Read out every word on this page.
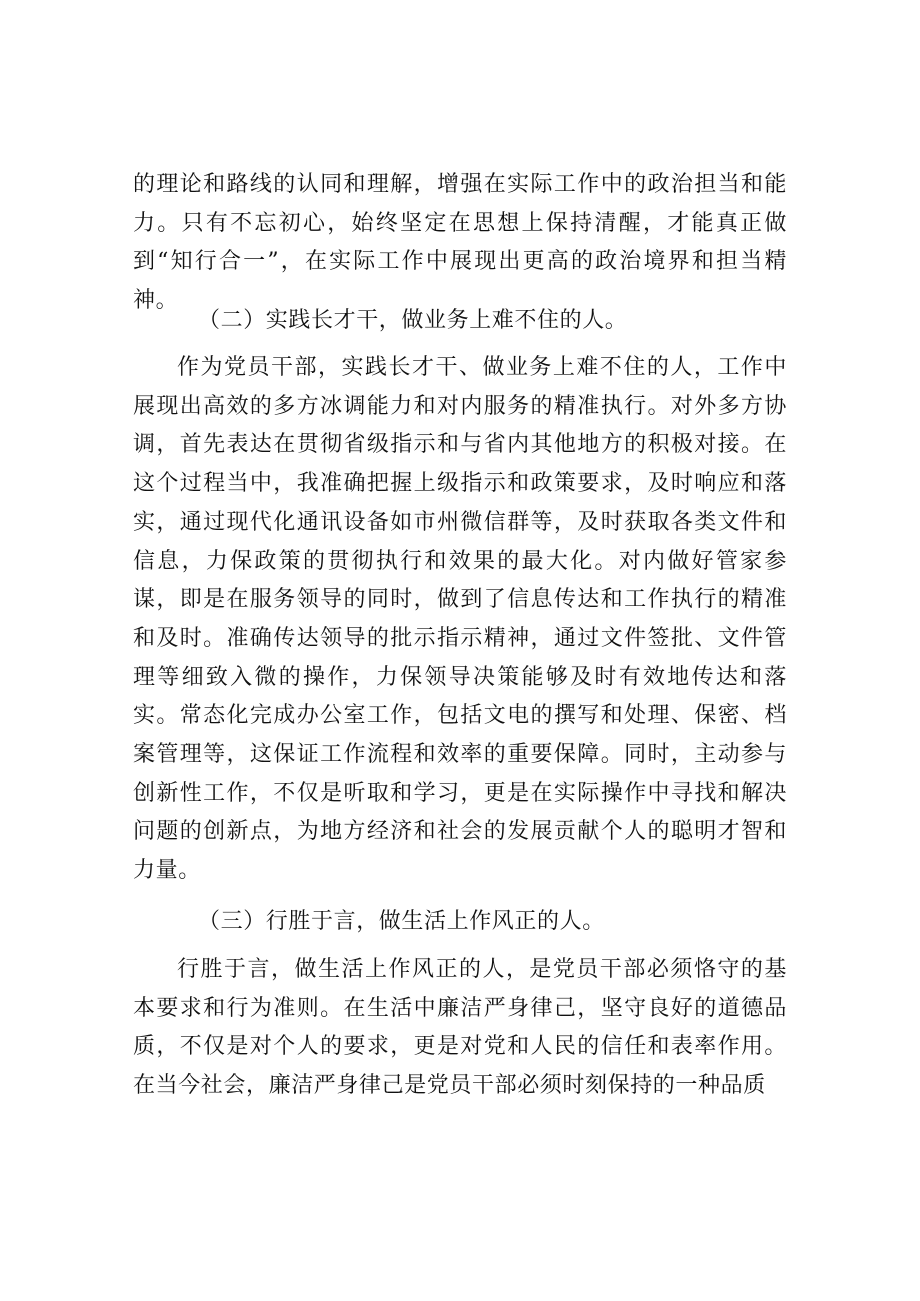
的理论和路线的认同和理解，增强在实际工作中的政治担当和能力。只有不忘初心，始终坚定在思想上保持清醒，才能真正做到“知行合一”，在实际工作中展现出更高的政治境界和担当精神。

（二）实践长才干，做业务上难不住的人。

作为党员干部，实践长才干、做业务上难不住的人，工作中展现出高效的多方冰调能力和对内服务的精准执行。对外多方协调，首先表达在贯彻省级指示和与省内其他地方的积极对接。在这个过程当中，我准确把握上级指示和政策要求，及时响应和落实，通过现代化通讯设备如市州微信群等，及时获取各类文件和信息，力保政策的贯彻执行和效果的最大化。对内做好管家参谋，即是在服务领导的同时，做到了信息传达和工作执行的精准和及时。准确传达领导的批示指示精神，通过文件签批、文件管理等细致入微的操作，力保领导决策能够及时有效地传达和落实。常态化完成办公室工作，包括文电的撰写和处理、保密、档案管理等，这保证工作流程和效率的重要保障。同时，主动参与创新性工作，不仅是听取和学习，更是在实际操作中寻找和解决问题的创新点，为地方经济和社会的发展贡献个人的聪明才智和力量。

（三）行胜于言，做生活上作风正的人。

行胜于言，做生活上作风正的人，是党员干部必须恪守的基本要求和行为准则。在生活中廉洁严身律己，坚守良好的道德品质，不仅是对个人的要求，更是对党和人民的信任和表率作用。在当今社会，廉洁严身律己是党员干部必须时刻保持的一种品质
